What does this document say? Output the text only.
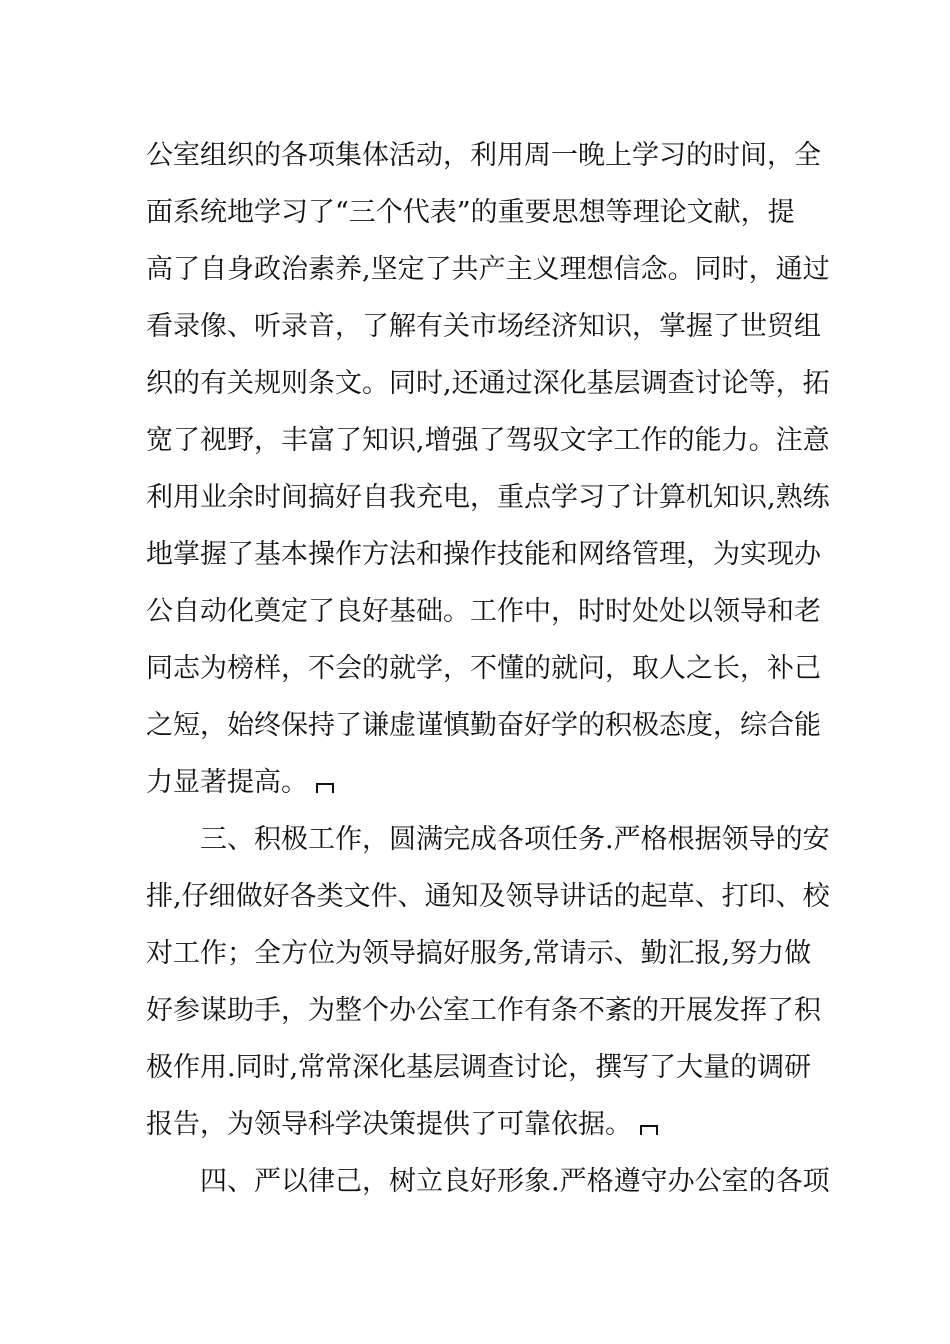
公室组织的各项集体活动，利用周一晚上学习的时间，全
面系统地学习了“三个代表”的重要思想等理论文献，提
高了自身政治素养,坚定了共产主义理想信念。同时，通过
看录像、听录音，了解有关市场经济知识，掌握了世贸组
织的有关规则条文。同时,还通过深化基层调查讨论等，拓
宽了视野，丰富了知识,增强了驾驭文字工作的能力。注意
利用业余时间搞好自我充电，重点学习了计算机知识,熟练
地掌握了基本操作方法和操作技能和网络管理，为实现办
公自动化奠定了良好基础。工作中，时时处处以领导和老
同志为榜样，不会的就学，不懂的就问，取人之长，补己
之短，始终保持了谦虚谨慎勤奋好学的积极态度，综合能
力显著提高。
　　三、积极工作，圆满完成各项任务.严格根据领导的安
排,仔细做好各类文件、通知及领导讲话的起草、打印、校
对工作；全方位为领导搞好服务,常请示、勤汇报,努力做
好参谋助手，为整个办公室工作有条不紊的开展发挥了积
极作用.同时,常常深化基层调查讨论，撰写了大量的调研
报告，为领导科学决策提供了可靠依据。
　　四、严以律己，树立良好形象.严格遵守办公室的各项
